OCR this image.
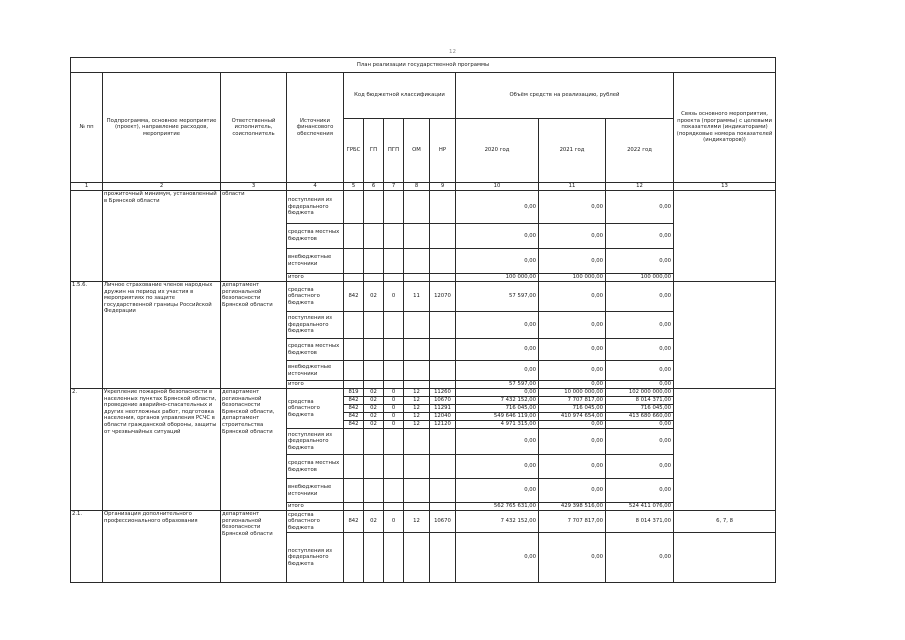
12
План реализации государственной программы												
№ пп	Подпрограмма, основное мероприятие (проект), направление расходов, мероприятие	Ответственный исполнитель, соисполнитель	Источники финансового обеспечения	Код бюджетной классификации					Объём средств на реализацию, рублей			Связь основного мероприятия, проекта (программы) с целевыми показателями (индикаторами) (порядковые номера показателей (индикаторов))
				ГРБС	ГП	ПГП	ОМ	НР	2020 год	2021 год	2022 год	
1	2	3	4	5	6	7	8	9	10	11	12	13
	прожиточный минимум, установленный в Брянской области	области	поступления из федерального бюджета						0,00	0,00	0,00	
			средства местных бюджетов						0,00	0,00	0,00	
			внебюджетные источники						0,00	0,00	0,00	
			итого						100 000,00	100 000,00	100 000,00	
1.5.6.	Личное страхование членов народных дружин на период их участия в мероприятиях по защите государственной границы Российской Федерации	департамент региональной безопасности Брянской области	средства областного бюджета	842	02	0	11	12070	57 597,00	0,00	0,00	
			поступления из федерального бюджета						0,00	0,00	0,00	
			средства местных бюджетов						0,00	0,00	0,00	
			внебюджетные источники						0,00	0,00	0,00	
			итого						57 597,00	0,00	0,00	
2.	Укрепление пожарной безопасности в населенных пунктах Брянской области, проведение аварийно-спасательных и других неотложных работ, подготовка населения, органов управления РСЧС в области гражданской обороны, защиты от чрезвычайных ситуаций	департамент региональной безопасности Брянской области, департамент строительства Брянской области	средства областного бюджета	819	02	0	12	11260	0,00	10 000 000,00	102 000 000,00	
				842	02	0	12	10670	7 432 152,00	7 707 817,00	8 014 371,00	
				842	02	0	12	11291	716 045,00	716 045,00	716 045,00	
				842	02	0	12	12040	549 646 119,00	410 974 654,00	413 680 660,00	
				842	02	0	12	12120	4 971 315,00	0,00	0,00	
			поступления из федерального бюджета						0,00	0,00	0,00	
			средства местных бюджетов						0,00	0,00	0,00	
			внебюджетные источники						0,00	0,00	0,00	
			итого						562 765 631,00	429 398 516,00	524 411 076,00	
2.1.	Организация дополнительного профессионального образования	департамент региональной безопасности Брянской области	средства областного бюджета	842	02	0	12	10670	7 432 152,00	7 707 817,00	8 014 371,00	6, 7, 8
			поступления из федерального бюджета						0,00	0,00	0,00	
